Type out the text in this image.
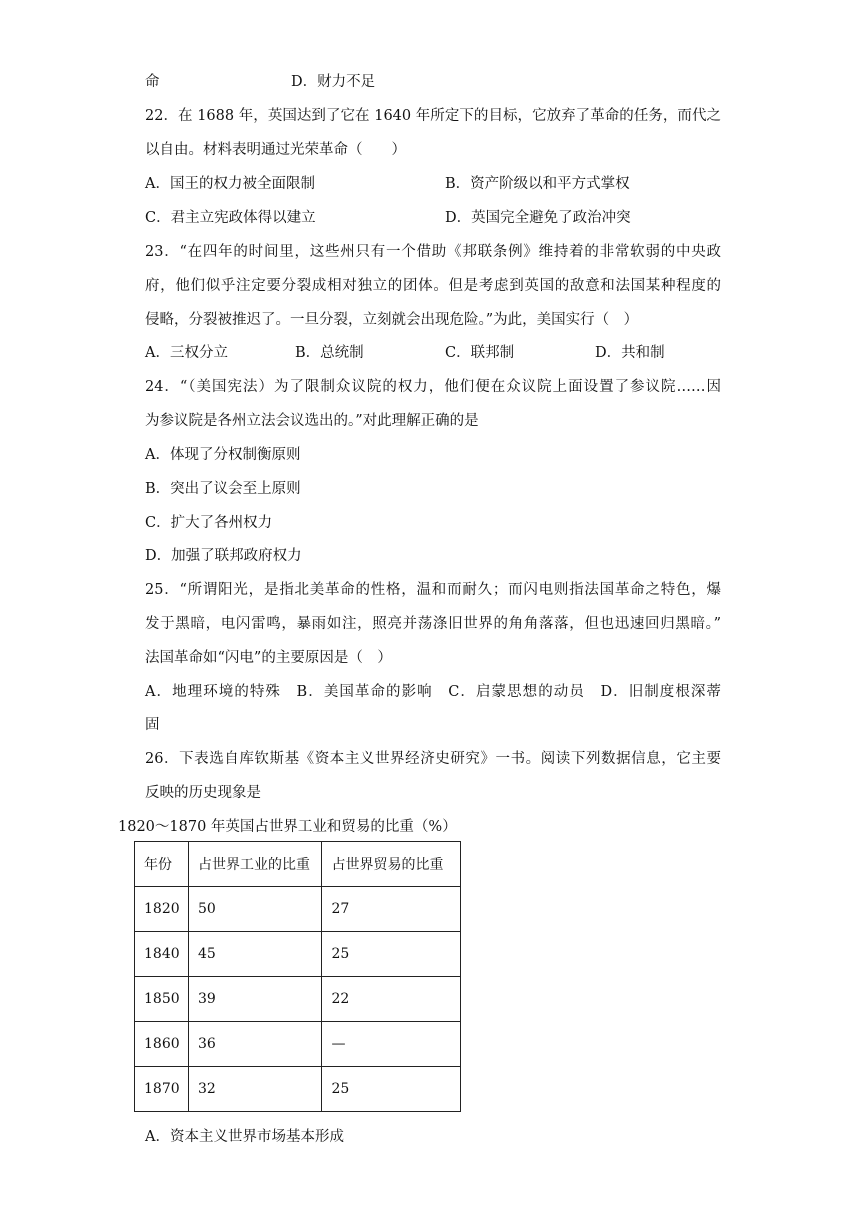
命	D．财力不足

22．在 1688 年，英国达到了它在 1640 年所定下的目标，它放弃了革命的任务，而代之

以自由。材料表明通过光荣革命（　　）

A．国王的权力被全面限制	B．资产阶级以和平方式掌权

C．君主立宪政体得以建立	D．英国完全避免了政治冲突

23．“在四年的时间里，这些州只有一个借助《邦联条例》维持着的非常软弱的中央政

府，他们似乎注定要分裂成相对独立的团体。但是考虑到英国的敌意和法国某种程度的

侵略，分裂被推迟了。一旦分裂，立刻就会出现危险。”为此，美国实行（　）

A．三权分立	B．总统制	C．联邦制	D．共和制

24．“（美国宪法）为了限制众议院的权力，他们便在众议院上面设置了参议院……因

为参议院是各州立法会议选出的。”对此理解正确的是

A．体现了分权制衡原则

B．突出了议会至上原则

C．扩大了各州权力

D．加强了联邦政府权力

25．“所谓阳光，是指北美革命的性格，温和而耐久；而闪电则指法国革命之特色，爆

发于黑暗，电闪雷鸣，暴雨如注，照亮并荡涤旧世界的角角落落，但也迅速回归黑暗。”

法国革命如“闪电”的主要原因是（　）

A．地理环境的特殊　B．美国革命的影响　C．启蒙思想的动员　D．旧制度根深蒂

固

26．下表选自库钦斯基《资本主义世界经济史研究》一书。阅读下列数据信息，它主要

反映的历史现象是

1820～1870 年英国占世界工业和贸易的比重（%）

年份	占世界工业的比重	占世界贸易的比重
1820	50	27
1840	45	25
1850	39	22
1860	36	—
1870	32	25

A．资本主义世界市场基本形成
